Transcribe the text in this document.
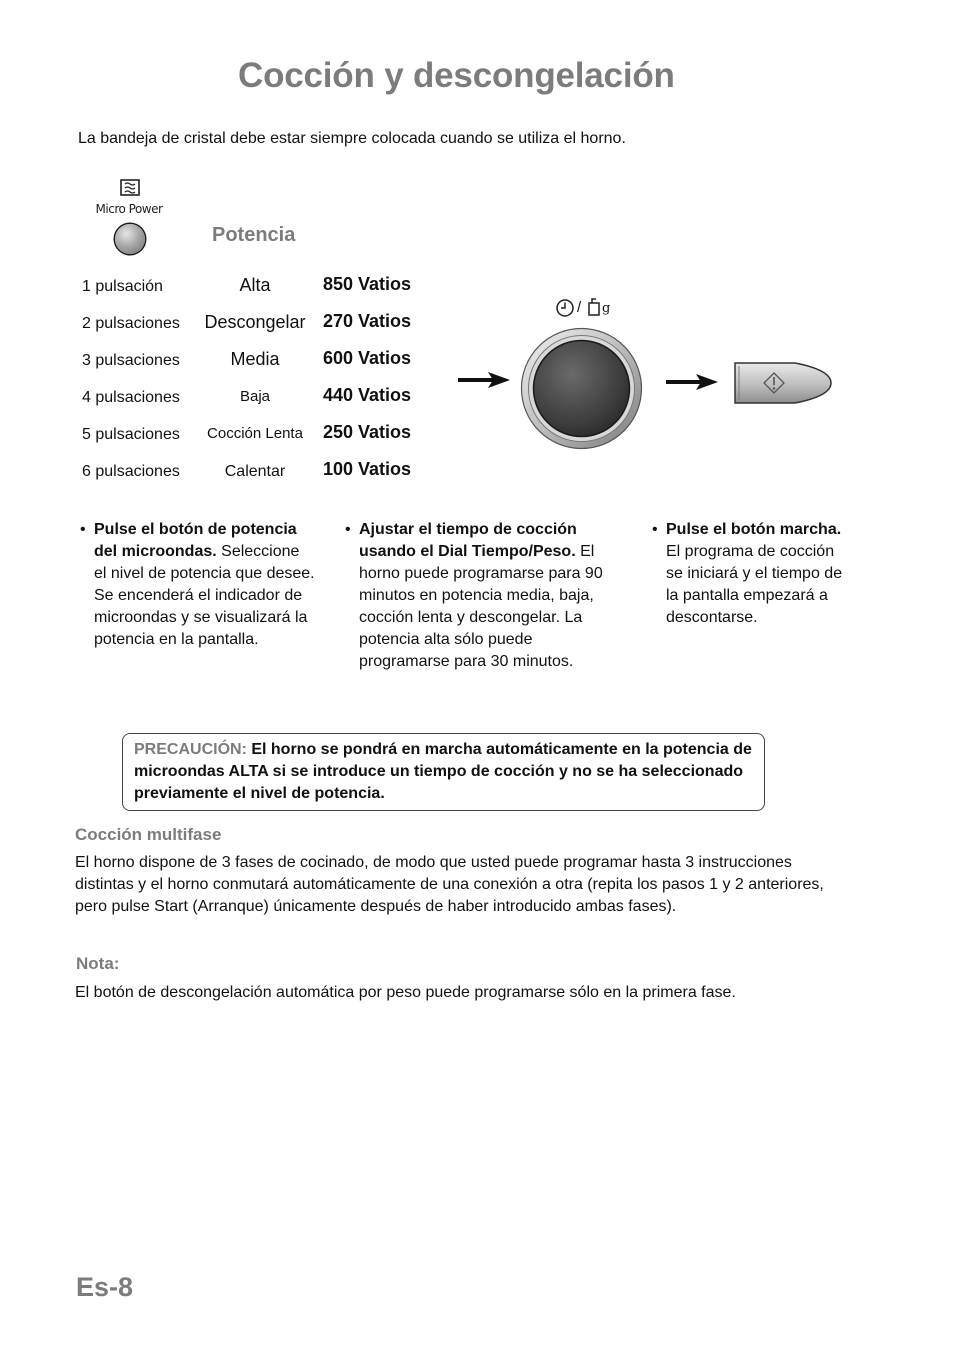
Cocción y descongelación
La bandeja de cristal debe estar siempre colocada cuando se utiliza el horno.
Micro Power
Potencia
1 pulsación	Alta	850 Vatios
2 pulsaciones	Descongelar 270 Vatios
3 pulsaciones	Media	600 Vatios
4 pulsaciones	Baja	440 Vatios
5 pulsaciones	Cocción Lenta	250 Vatios
6 pulsaciones	Calentar	100 Vatios
/ g
• Pulse el botón de potencia del microondas. Seleccione el nivel de potencia que desee. Se encenderá el indicador de microondas y se visualizará la potencia en la pantalla.
• Ajustar el tiempo de cocción usando el Dial Tiempo/Peso. El horno puede programarse para 90 minutos en potencia media, baja, cocción lenta y descongelar. La potencia alta sólo puede programarse para 30 minutos.
• Pulse el botón marcha. El programa de cocción se iniciará y el tiempo de la pantalla empezará a descontarse.
PRECAUCIÓN: El horno se pondrá en marcha automáticamente en la potencia de microondas ALTA si se introduce un tiempo de cocción y no se ha seleccionado previamente el nivel de potencia.
Cocción multifase
El horno dispone de 3 fases de cocinado, de modo que usted puede programar hasta 3 instrucciones distintas y el horno conmutará automáticamente de una conexión a otra (repita los pasos 1 y 2 anteriores, pero pulse Start (Arranque) únicamente después de haber introducido ambas fases).
Nota:
El botón de descongelación automática por peso puede programarse sólo en la primera fase.
Es-8
